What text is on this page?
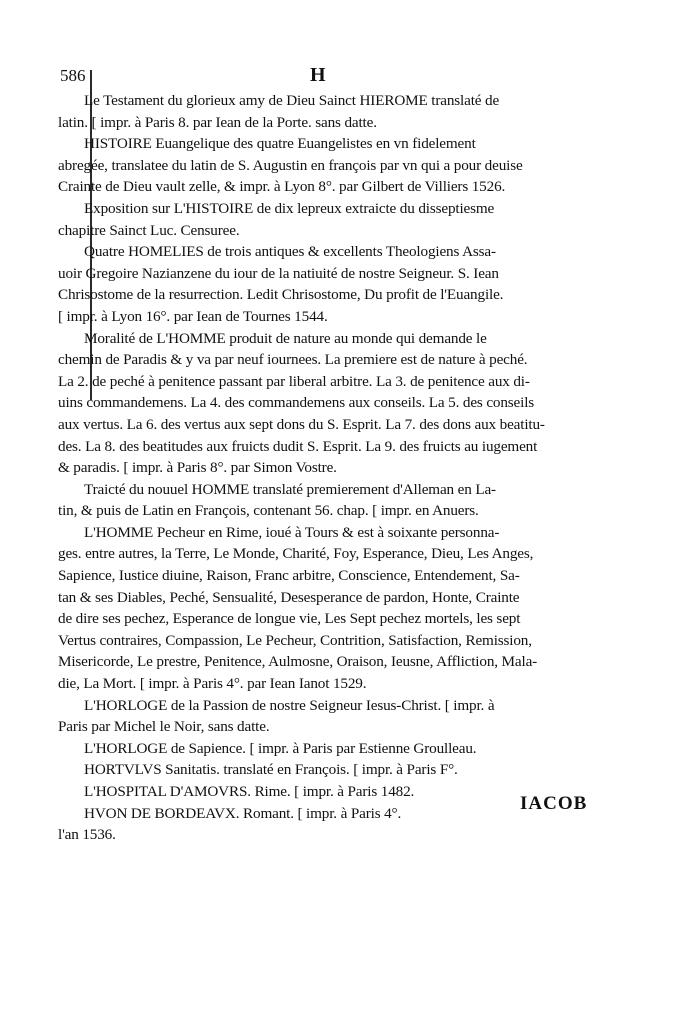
586	H
Le Testament du glorieux amy de Dieu Sainct HIEROME translaté de
latin. [ impr. à Paris 8. par Iean de la Porte. sans datte.
HISTOIRE Euangelique des quatre Euangelistes en vn fidelement
abregée, translatee du latin de S. Augustin en françois par vn qui a pour deuise
Crainte de Dieu vault zelle, & impr. à Lyon 8°. par Gilbert de Villiers 1526.
Exposition sur L'HISTOIRE de dix lepreux extraicte du disseptiesme
chapitre Sainct Luc. Censuree.
Quatre HOMELIES de trois antiques & excellents Theologiens Assa-
uoir Gregoire Nazianzene du iour de la natiuité de nostre Seigneur. S. Iean
Chrisostome de la resurrection. Ledit Chrisostome, Du profit de l'Euangile.
[ impr. à Lyon 16°. par Iean de Tournes 1544.
Moralité de L'HOMME produit de nature au monde qui demande le
chemin de Paradis & y va par neuf iournees. La premiere est de nature à peché.
La 2. de peché à penitence passant par liberal arbitre. La 3. de penitence aux di-
uins commandemens. La 4. des commandemens aux conseils. La 5. des conseils
aux vertus. La 6. des vertus aux sept dons du S. Esprit. La 7. des dons aux beatitu-
des. La 8. des beatitudes aux fruicts dudit S. Esprit. La 9. des fruicts au iugement
& paradis. [ impr. à Paris 8°. par Simon Vostre.
Traicté du nouuel HOMME translaté premierement d'Alleman en La-
tin, & puis de Latin en François, contenant 56. chap. [ impr. en Anuers.
L'HOMME Pecheur en Rime, ioué à Tours & est à soixante personna-
ges. entre autres, la Terre, Le Monde, Charité, Foy, Esperance, Dieu, Les Anges,
Sapience, Iustice diuine, Raison, Franc arbitre, Conscience, Entendement, Sa-
tan & ses Diables, Peché, Sensualité, Desesperance de pardon, Honte, Crainte
de dire ses pechez, Esperance de longue vie, Les Sept pechez mortels, les sept
Vertus contraires, Compassion, Le Pecheur, Contrition, Satisfaction, Remission,
Misericorde, Le prestre, Penitence, Aulmosne, Oraison, Ieusne, Affliction, Mala-
die, La Mort. [ impr. à Paris 4°. par Iean Ianot 1529.
L'HORLOGE de la Passion de nostre Seigneur Iesus-Christ. [ impr. à
Paris par Michel le Noir, sans datte.
L'HORLOGE de Sapience. [ impr. à Paris par Estienne Groulleau.
HORTVLVS Sanitatis. translaté en François. [ impr. à Paris F°.
L'HOSPITAL D'AMOVRS. Rime. [ impr. à Paris 1482.
HVON DE BORDEAVX. Romant. [ impr. à Paris 4°.
l'an 1536.
IACOB
